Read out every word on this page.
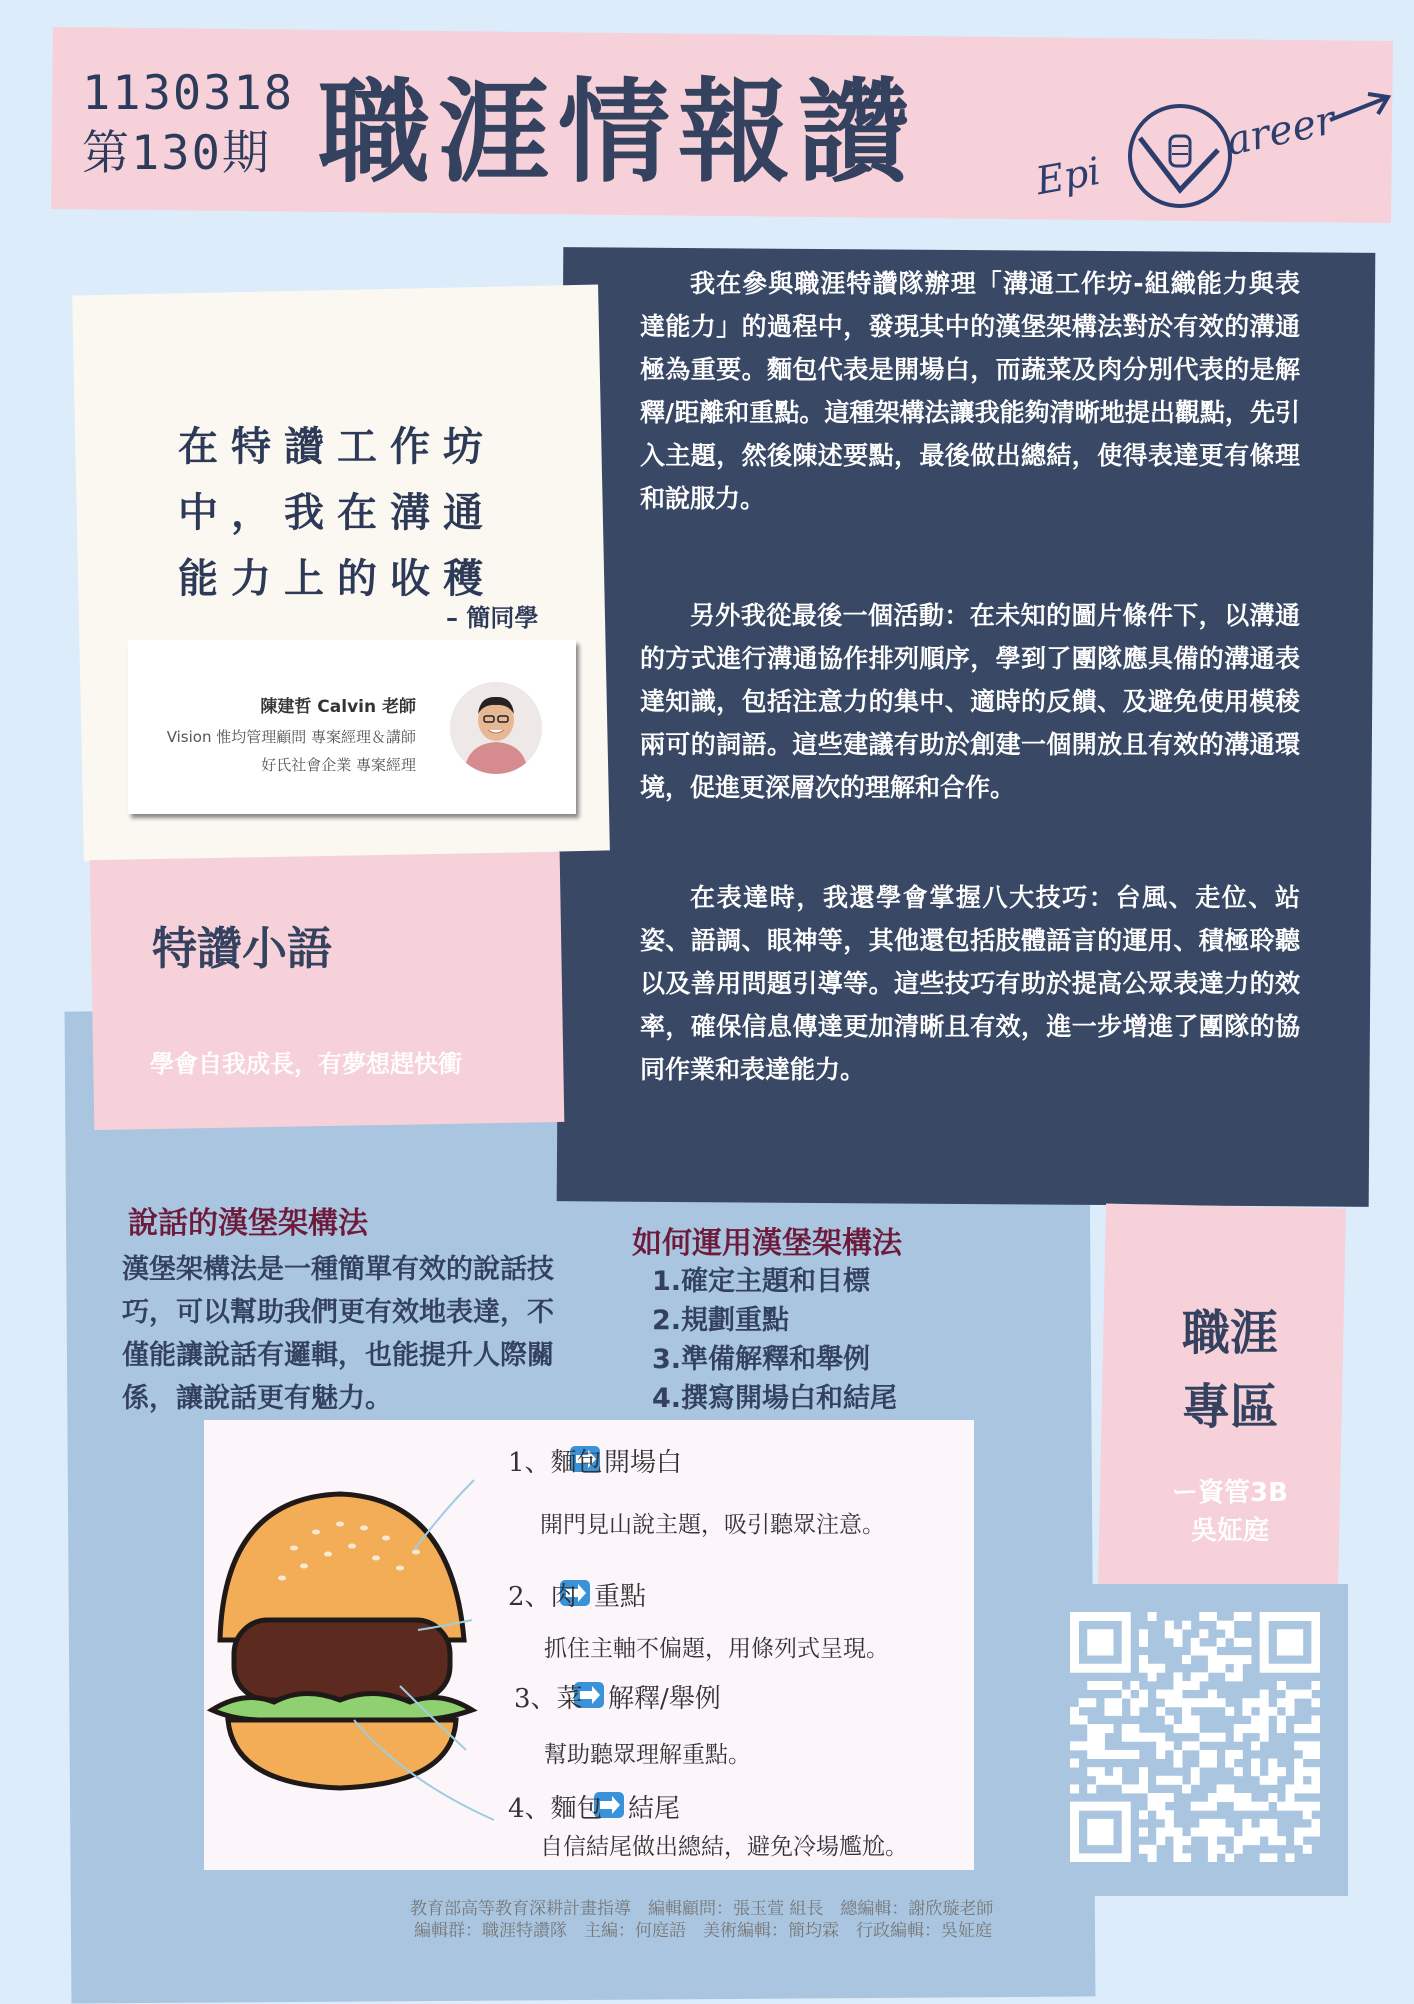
1130318
第130期 職涯情報讚	Epi
areer
在特讚工作坊中，我在溝通能力上的收穫
– 簡同學
陳建哲 Calvin 老師
Vision 惟均管理顧問 專案經理＆講師
好氏社會企業 專案經理
特讚小語
學會自我成長，有夢想趕快衝

我在參與職涯特讚隊辦理「溝通工作坊-組織能力與表達能力」的過程中，發現其中的漢堡架構法對於有效的溝通極為重要。麵包代表是開場白，而蔬菜及肉分別代表的是解釋/距離和重點。這種架構法讓我能夠清晰地提出觀點，先引入主題，然後陳述要點，最後做出總結，使得表達更有條理和說服力。

另外我從最後一個活動：在未知的圖片條件下，以溝通的方式進行溝通協作排列順序，學到了團隊應具備的溝通表達知識，包括注意力的集中、適時的反饋、及避免使用模稜兩可的詞語。這些建議有助於創建一個開放且有效的溝通環境，促進更深層次的理解和合作。

在表達時，我還學會掌握八大技巧：台風、走位、站姿、語調、眼神等，其他還包括肢體語言的運用、積極聆聽以及善用問題引導等。這些技巧有助於提高公眾表達力的效率，確保信息傳達更加清晰且有效，進一步增進了團隊的協同作業和表達能力。

說話的漢堡架構法
漢堡架構法是一種簡單有效的說話技巧，可以幫助我們更有效地表達，不僅能讓說話有邏輯，也能提升人際關係，讓說話更有魅力。
如何運用漢堡架構法
1.確定主題和目標
2.規劃重點
3.準備解釋和舉例
4.撰寫開場白和結尾
職涯
專區
ー資管3B
吳姃庭
1、麵包 開場白
開門見山說主題，吸引聽眾注意。
2、肉 重點
抓住主軸不偏題，用條列式呈現。
3、菜 解釋/舉例
幫助聽眾理解重點。
4、麵包 結尾
自信結尾做出總結，避免冷場尷尬。
教育部高等教育深耕計畫指導　編輯顧問：張玉萱 組長　總編輯：謝欣璇老師
編輯群：職涯特讚隊　主編：何庭語　美術編輯：簡均霖　行政編輯：吳姃庭
